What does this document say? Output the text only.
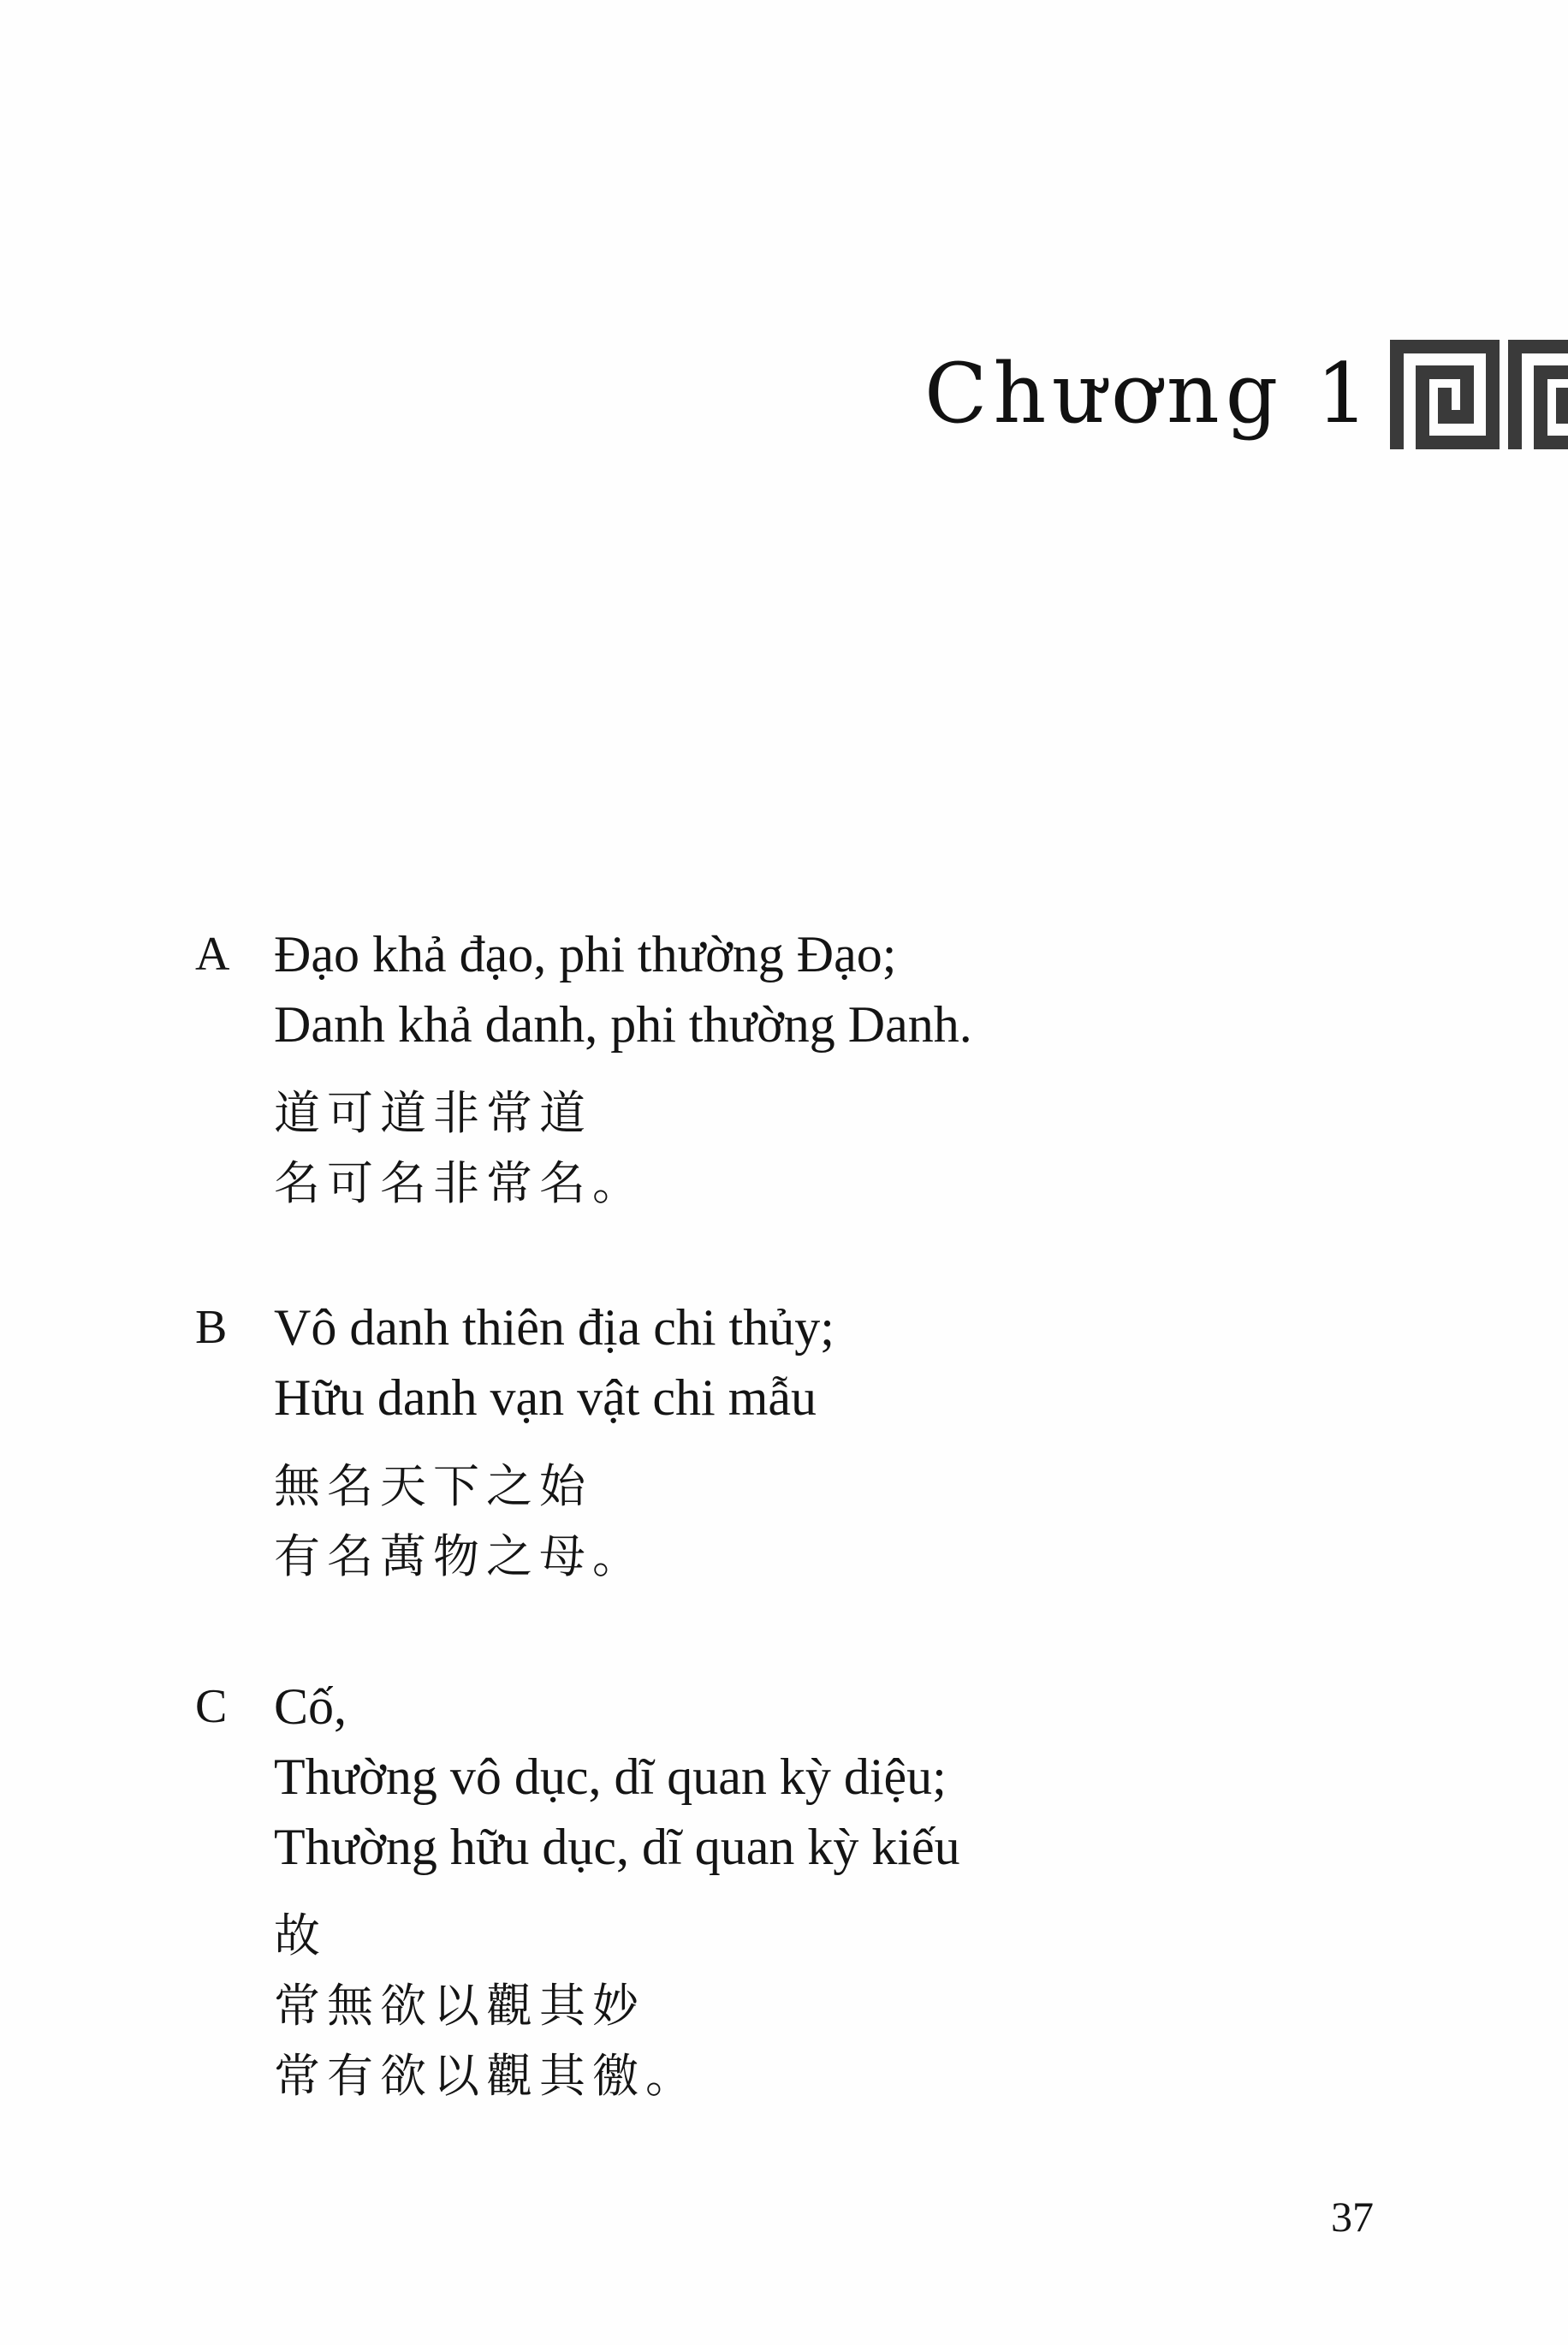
Chương 1
A Đạo khả đạo, phi thường Đạo;
Danh khả danh, phi thường Danh.
道可道非常道
名可名非常名。
B Vô danh thiên địa chi thủy;
Hữu danh vạn vật chi mẫu
無名天下之始
有名萬物之母。
C Cố,
Thường vô dục, dĩ quan kỳ diệu;
Thường hữu dục, dĩ quan kỳ kiếu
故
常無欲以觀其妙
常有欲以觀其徼。
37
